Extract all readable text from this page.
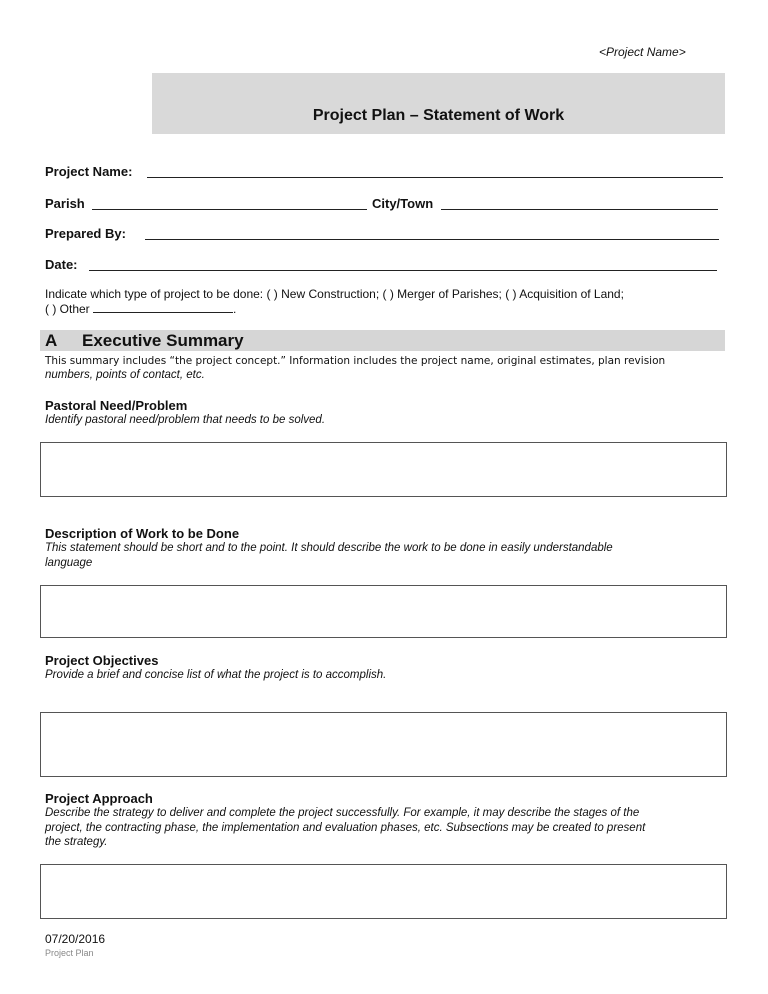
<Project Name>
Project Plan – Statement of Work
Project Name:
Parish	City/Town
Prepared By:
Date:
Indicate which type of project to be done: ( ) New Construction; ( ) Merger of Parishes; ( ) Acquisition of Land;
( ) Other	.
A Executive Summary
This summary includes “the project concept.” Information includes the project name, original estimates, plan revision
numbers, points of contact, etc.
Pastoral Need/Problem
Identify pastoral need/problem that needs to be solved.
Description of Work to be Done
This statement should be short and to the point. It should describe the work to be done in easily understandable
language
Project Objectives
Provide a brief and concise list of what the project is to accomplish.
Project Approach
Describe the strategy to deliver and complete the project successfully. For example, it may describe the stages of the
project, the contracting phase, the implementation and evaluation phases, etc. Subsections may be created to present
the strategy.
07/20/2016
Project Plan
